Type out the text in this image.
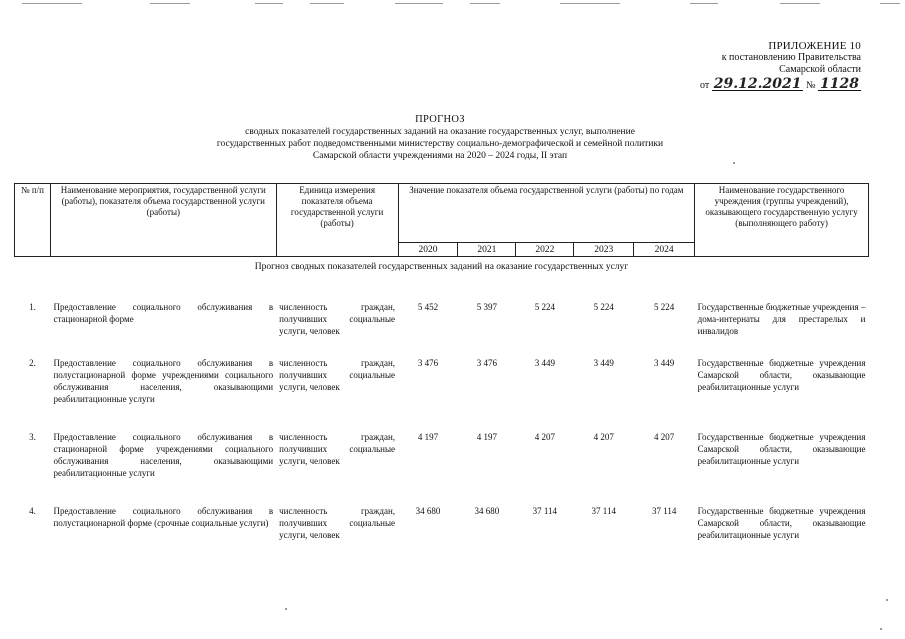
ПРИЛОЖЕНИЕ 10
к постановлению Правительства
Самарской области
от 29.12.2021 № 1128
ПРОГНОЗ
сводных показателей государственных заданий на оказание государственных услуг, выполнение
государственных работ подведомственными министерству социально-демографической и семейной политики
Самарской области учреждениями на 2020 – 2024 годы, II этап
№ п/п	Наименование мероприятия, государственной услуги (работы), показателя объема государственной услуги (работы)	Единица измерения показателя объема государственной услуги (работы)	Значение показателя объема государственной услуги (работы) по годам					Наименование государственного учреждения (группы учреждений), оказывающего государственную услугу (выполняющего работу)
			2020	2021	2022	2023	2024	
Прогноз сводных показателей государственных заданий на оказание государственных услуг								
1.	Предоставление социального обслуживания в стационарной форме	численность граждан, получивших социальные услуги, человек	5 452	5 397	5 224	5 224	5 224	Государственные бюджетные учреждения – дома-интернаты для престарелых и инвалидов
2.	Предоставление социального обслуживания в полустационарной форме учреждениями социального обслуживания населения, оказывающими реабилитационные услуги	численность граждан, получивших социальные услуги, человек	3 476	3 476	3 449	3 449	3 449	Государственные бюджетные учреждения Самарской области, оказывающие реабилитационные услуги
3.	Предоставление социального обслуживания в стационарной форме учреждениями социального обслуживания населения, оказывающими реабилитационные услуги	численность граждан, получивших социальные услуги, человек	4 197	4 197	4 207	4 207	4 207	Государственные бюджетные учреждения Самарской области, оказывающие реабилитационные услуги
4.	Предоставление социального обслуживания в полустационарной форме (срочные социальные услуги)	численность граждан, получивших социальные услуги, человек	34 680	34 680	37 114	37 114	37 114	Государственные бюджетные учреждения Самарской области, оказывающие реабилитационные услуги
